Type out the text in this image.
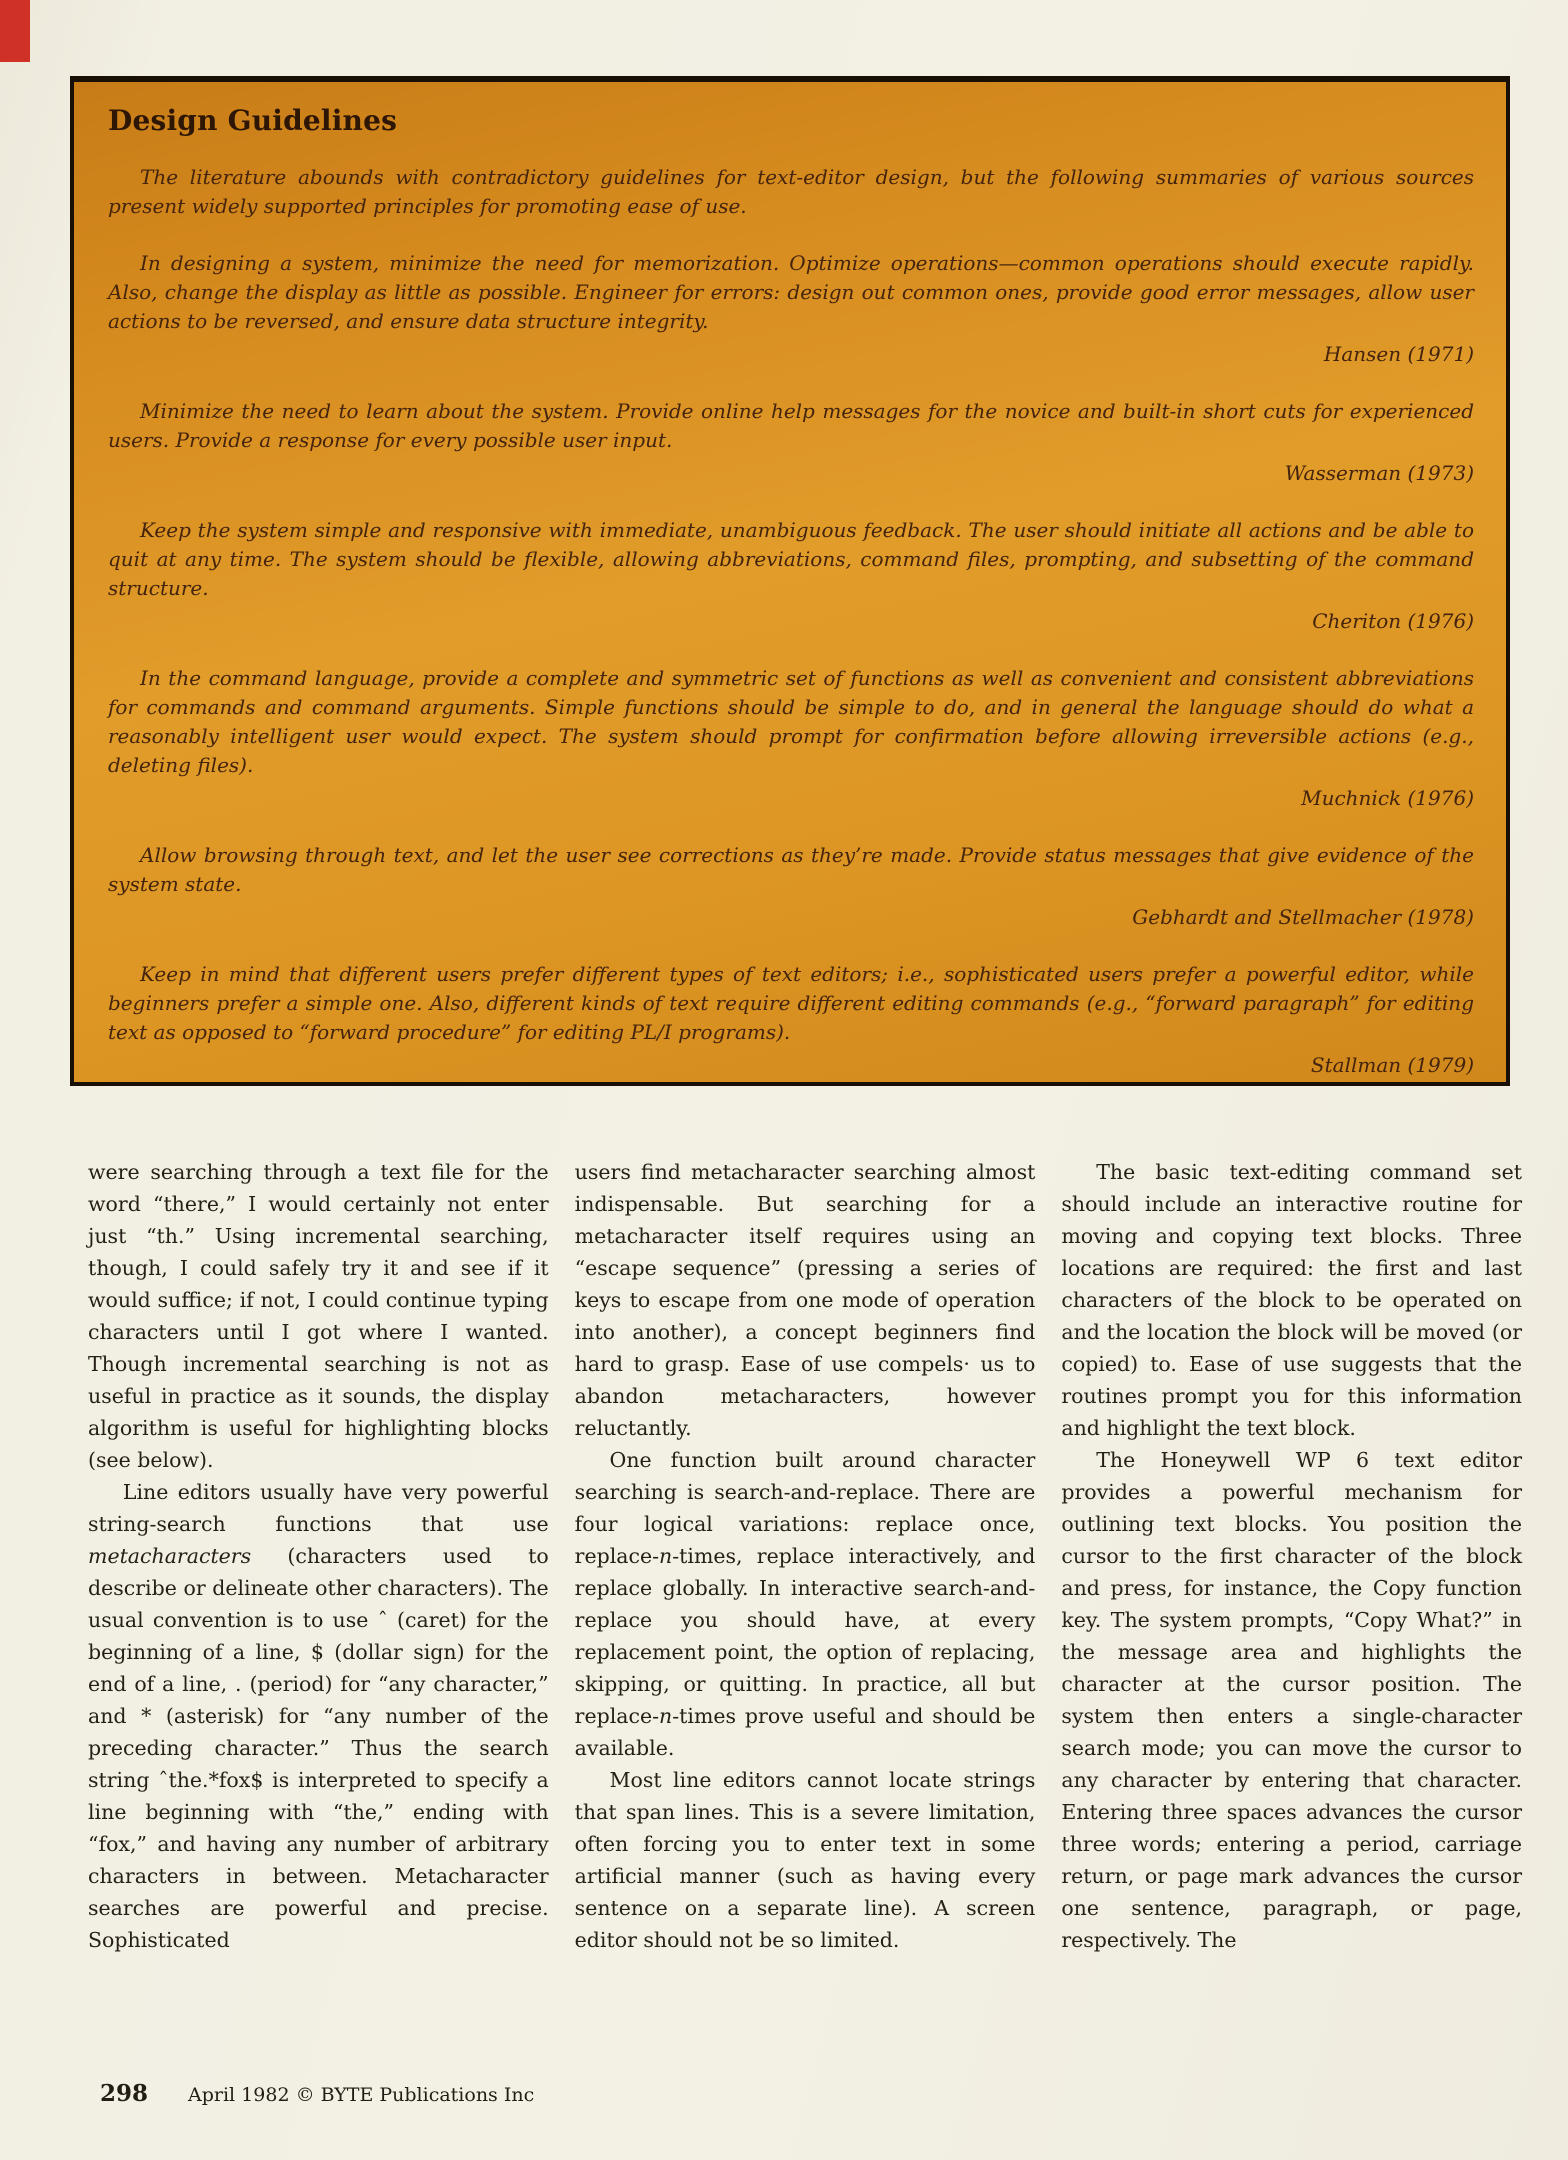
Design Guidelines

The literature abounds with contradictory guidelines for text-editor design, but the following summaries of various sources present widely supported principles for promoting ease of use.

In designing a system, minimize the need for memorization. Optimize operations—common operations should execute rapidly. Also, change the display as little as possible. Engineer for errors: design out common ones, provide good error messages, allow user actions to be reversed, and ensure data structure integrity.

Hansen (1971)

Minimize the need to learn about the system. Provide online help messages for the novice and built-in short cuts for experienced users. Provide a response for every possible user input.

Wasserman (1973)

Keep the system simple and responsive with immediate, unambiguous feedback. The user should initiate all actions and be able to quit at any time. The system should be flexible, allowing abbreviations, command files, prompting, and subsetting of the command structure.

Cheriton (1976)

In the command language, provide a complete and symmetric set of functions as well as convenient and consistent abbreviations for commands and command arguments. Simple functions should be simple to do, and in general the language should do what a reasonably intelligent user would expect. The system should prompt for confirmation before allowing irreversible actions (e.g., deleting files).

Muchnick (1976)

Allow browsing through text, and let the user see corrections as they’re made. Provide status messages that give evidence of the system state.

Gebhardt and Stellmacher (1978)

Keep in mind that different users prefer different types of text editors; i.e., sophisticated users prefer a powerful editor, while beginners prefer a simple one. Also, different kinds of text require different editing commands (e.g., “forward paragraph” for editing text as opposed to “forward procedure” for editing PL/I programs).

Stallman (1979)

were searching through a text file for the word “there,” I would certainly not enter just “th.” Using incremental searching, though, I could safely try it and see if it would suffice; if not, I could continue typing characters until I got where I wanted. Though incremental searching is not as useful in practice as it sounds, the display algorithm is useful for highlighting blocks (see below).

Line editors usually have very powerful string-search functions that use metacharacters (characters used to describe or delineate other characters). The usual convention is to use ˆ (caret) for the beginning of a line, $ (dollar sign) for the end of a line, . (period) for “any character,” and * (asterisk) for “any number of the preceding character.” Thus the search string ˆthe.*fox$ is interpreted to specify a line beginning with “the,” ending with “fox,” and having any number of arbitrary characters in between. Metacharacter searches are powerful and precise. Sophisticated

users find metacharacter searching almost indispensable. But searching for a metacharacter itself requires using an “escape sequence” (pressing a series of keys to escape from one mode of operation into another), a concept beginners find hard to grasp. Ease of use compels· us to abandon metacharacters, however reluctantly.

One function built around character searching is search-and-replace. There are four logical variations: replace once, replace-n-times, replace interactively, and replace globally. In interactive search-and-replace you should have, at every replacement point, the option of replacing, skipping, or quitting. In practice, all but replace-n-times prove useful and should be available.

Most line editors cannot locate strings that span lines. This is a severe limitation, often forcing you to enter text in some artificial manner (such as having every sentence on a separate line). A screen editor should not be so limited.

The basic text-editing command set should include an interactive routine for moving and copying text blocks. Three locations are required: the first and last characters of the block to be operated on and the location the block will be moved (or copied) to. Ease of use suggests that the routines prompt you for this information and highlight the text block.

The Honeywell WP 6 text editor provides a powerful mechanism for outlining text blocks. You position the cursor to the first character of the block and press, for instance, the Copy function key. The system prompts, “Copy What?” in the message area and highlights the character at the cursor position. The system then enters a single-character search mode; you can move the cursor to any character by entering that character. Entering three spaces advances the cursor three words; entering a period, carriage return, or page mark advances the cursor one sentence, paragraph, or page, respectively. The

298 April 1982 © BYTE Publications Inc
